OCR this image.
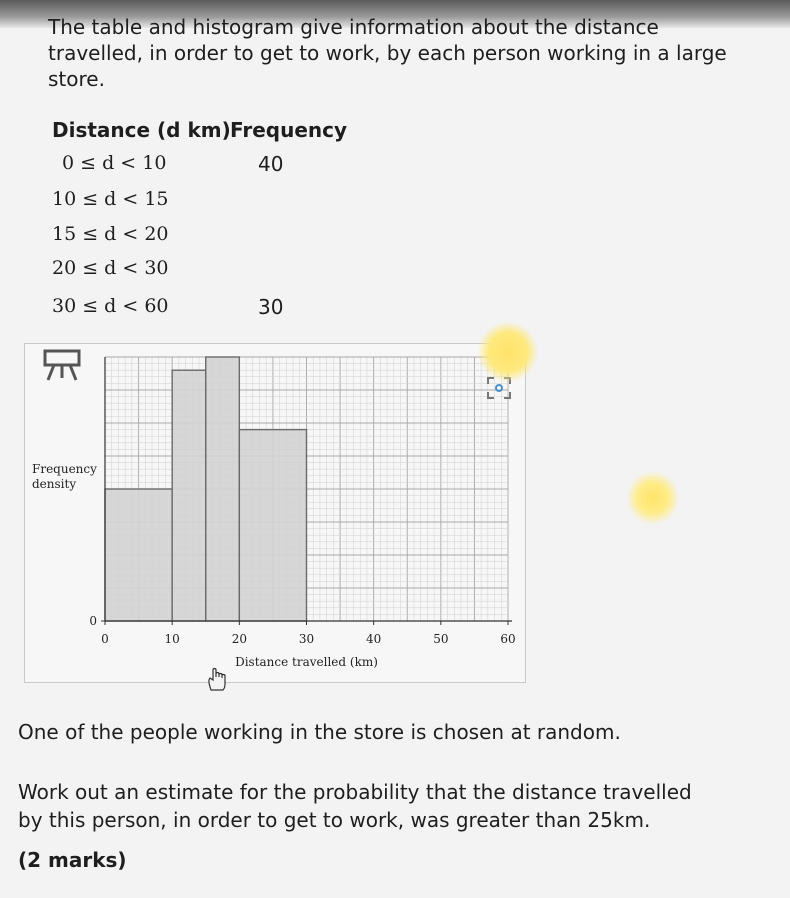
The table and histogram give information about the distance
travelled, in order to get to work, by each person working in a large
store.
Distance (d km) Frequency
0 ≤ d < 10	40
10 ≤ d < 15
15 ≤ d < 20
20 ≤ d < 30
30 ≤ d < 60	30
0	10	20	30	40	50	60
0
Distance travelled (km)
Frequency
density
One of the people working in the store is chosen at random.
Work out an estimate for the probability that the distance travelled
by this person, in order to get to work, was greater than 25km.
(2 marks)
